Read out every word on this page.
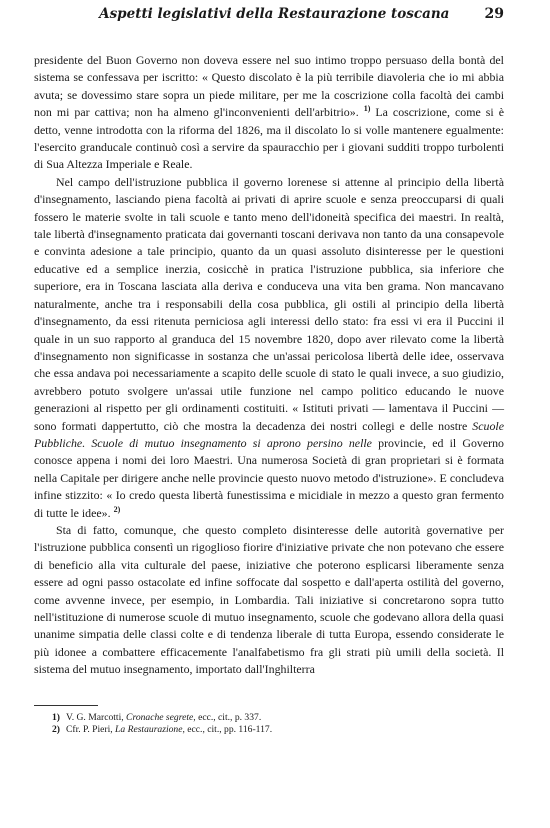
Aspetti legislativi della Restaurazione toscana	29

presidente del Buon Governo non doveva essere nel suo intimo troppo persuaso della bontà del sistema se confessava per iscritto: « Questo discolato è la più terribile diavoleria che io mi abbia avuta; se dovessimo stare sopra un piede militare, per me la coscrizione colla facoltà dei cambi non mi par cattiva; non ha almeno gl'inconvenienti dell'arbitrio». $^{1)}$ La coscrizione, come si è detto, venne introdotta con la riforma del 1826, ma il discolato lo si volle mantenere egualmente: l'esercito granducale continuò così a servire da spauracchio per i giovani sudditi troppo turbolenti di Sua Altezza Imperiale e Reale.

Nel campo dell'istruzione pubblica il governo lorenese si attenne al principio della libertà d'insegnamento, lasciando piena facoltà ai privati di aprire scuole e senza preoccuparsi di quali fossero le materie svolte in tali scuole e tanto meno dell'idoneità specifica dei maestri. In realtà, tale libertà d'insegnamento praticata dai governanti toscani derivava non tanto da una consapevole e convinta adesione a tale principio, quanto da un quasi assoluto disinteresse per le questioni educative ed a semplice inerzia, cosicchè in pratica l'istruzione pubblica, sia inferiore che superiore, era in Toscana lasciata alla deriva e conduceva una vita ben grama. Non mancavano naturalmente, anche tra i responsabili della cosa pubblica, gli ostili al principio della libertà d'insegnamento, da essi ritenuta perniciosa agli interessi dello stato: fra essi vi era il Puccini il quale in un suo rapporto al granduca del 15 novembre 1820, dopo aver rilevato come la libertà d'insegnamento non significasse in sostanza che un'assai pericolosa libertà delle idee, osservava che essa andava poi necessariamente a scapito delle scuole di stato le quali invece, a suo giudizio, avrebbero potuto svolgere un'assai utile funzione nel campo politico educando le nuove generazioni al rispetto per gli ordinamenti costituiti. « Istituti privati — lamentava il Puccini — sono formati dappertutto, ciò che mostra la decadenza dei nostri collegi e delle nostre Scuole Pubbliche. Scuole di mutuo insegnamento si aprono persino nelle provincie, ed il Governo conosce appena i nomi dei loro Maestri. Una numerosa Società di gran proprietari si è formata nella Capitale per dirigere anche nelle provincie questo nuovo metodo d'istruzione». E concludeva infine stizzito: « Io credo questa libertà funestissima e micidiale in mezzo a questo gran fermento di tutte le idee». $^{2)}$

Sta di fatto, comunque, che questo completo disinteresse delle autorità governative per l'istruzione pubblica consentì un rigoglioso fiorire d'iniziative private che non potevano che essere di beneficio alla vita culturale del paese, iniziative che poterono esplicarsi liberamente senza essere ad ogni passo ostacolate ed infine soffocate dal sospetto e dall'aperta ostilità del governo, come avvenne invece, per esempio, in Lombardia. Tali iniziative si concretarono sopra tutto nell'istituzione di numerose scuole di mutuo insegnamento, scuole che godevano allora della quasi unanime simpatia delle classi colte e di tendenza liberale di tutta Europa, essendo considerate le più idonee a combattere efficacemente l'analfabetismo fra gli strati più umili della società. Il sistema del mutuo insegnamento, importato dall'Inghilterra

1) V. G. Marcotti, Cronache segrete, ecc., cit., p. 337.
2) Cfr. P. Pieri, La Restaurazione, ecc., cit., pp. 116-117.
